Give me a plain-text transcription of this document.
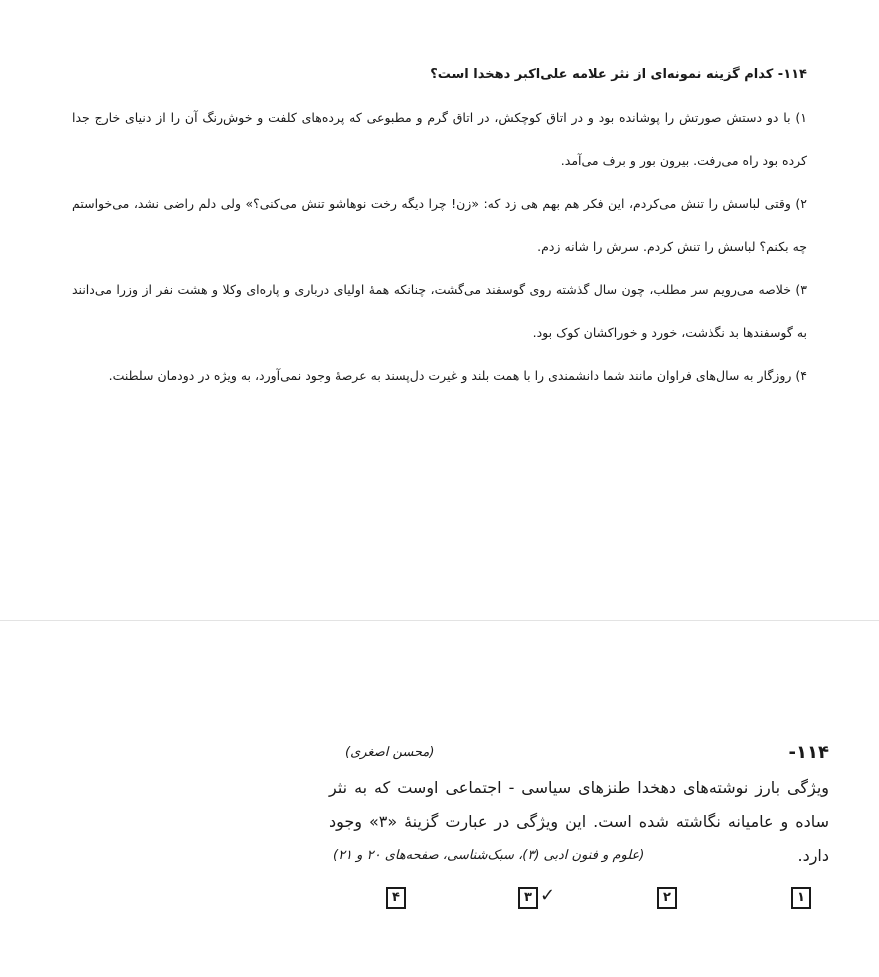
۱۱۴- کدام گزینه نمونه‌ای از نثر علامه علی‌اکبر دهخدا است؟
۱) با دو دستش صورتش را پوشانده بود و در اتاق کوچکش، در اتاق گرم و مطبوعی که پرده‌های کلفت و خوش‌رنگ آن را از دنیای خارج جدا کرده بود راه می‌رفت. بیرون بور و برف می‌آمد.
۲) وقتی لباسش را تنش می‌کردم، این فکر هم بهم هی زد که: «زن! چرا دیگه رخت نوهاشو تنش می‌کنی؟» ولی دلم راضی نشد، می‌خواستم چه بکنم؟ لباسش را تنش کردم. سرش را شانه زدم.
۳) خلاصه می‌رویم سر مطلب، چون سال گذشته روی گوسفند می‌گشت، چنانکه همهٔ اولیای درباری و پاره‌ای وکلا و هشت نفر از وزرا می‌دانند به گوسفندها بد نگذشت، خورد و خوراکشان کوک بود.
۴) روزگار به سال‌های فراوان مانند شما دانشمندی را با همت بلند و غیرت دل‌پسند به عرصهٔ وجود نمی‌آورد، به ویژه در دودمان سلطنت.
۱۱۴-
(محسن اصغری)
ویژگی بارز نوشته‌های دهخدا طنزهای سیاسی - اجتماعی اوست که به نثر ساده و عامیانه نگاشته شده است. این ویژگی در عبارت گزینهٔ «۳» وجود دارد.
(علوم و فنون ادبی (۳)، سبک‌شناسی، صفحه‌های ۲۰ و ۲۱)
۱
۲
۳ ✓
۴
